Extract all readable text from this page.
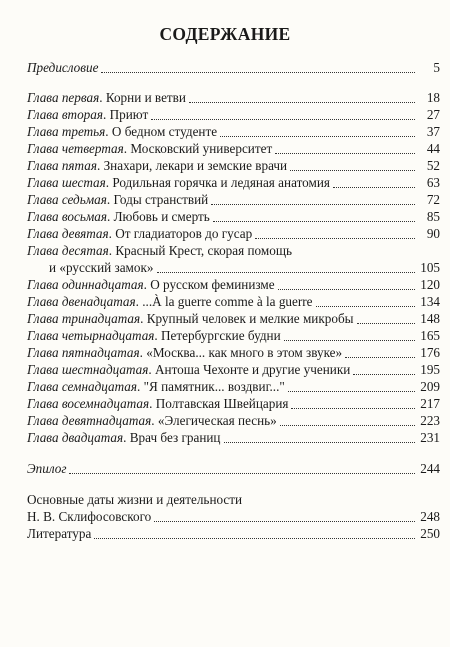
СОДЕРЖАНИЕ
Предисловие	5
Глава первая. Корни и ветви	18
Глава вторая. Приют	27
Глава третья. О бедном студенте	37
Глава четвертая. Московский университет	44
Глава пятая. Знахари, лекари и земские врачи	52
Глава шестая. Родильная горячка и ледяная анатомия	63
Глава седьмая. Годы странствий	72
Глава восьмая. Любовь и смерть	85
Глава девятая. От гладиаторов до гусар	90
Глава десятая. Красный Крест, скорая помощь
и «русский замок»	105
Глава одиннадцатая. О русском феминизме	120
Глава двенадцатая. ...À la guerre comme à la guerre	134
Глава тринадцатая. Крупный человек и мелкие микробы	148
Глава четырнадцатая. Петербургские будни	165
Глава пятнадцатая. «Москва... как много в этом звуке»	176
Глава шестнадцатая. Антоша Чехонте и другие ученики	195
Глава семнадцатая. "Я памятник... воздвиг..."	209
Глава восемнадцатая. Полтавская Швейцария	217
Глава девятнадцатая. «Элегическая песнь»	223
Глава двадцатая. Врач без границ	231
Эпилог	244
Основные даты жизни и деятельности
Н. В. Склифосовского	248
Литература	250
